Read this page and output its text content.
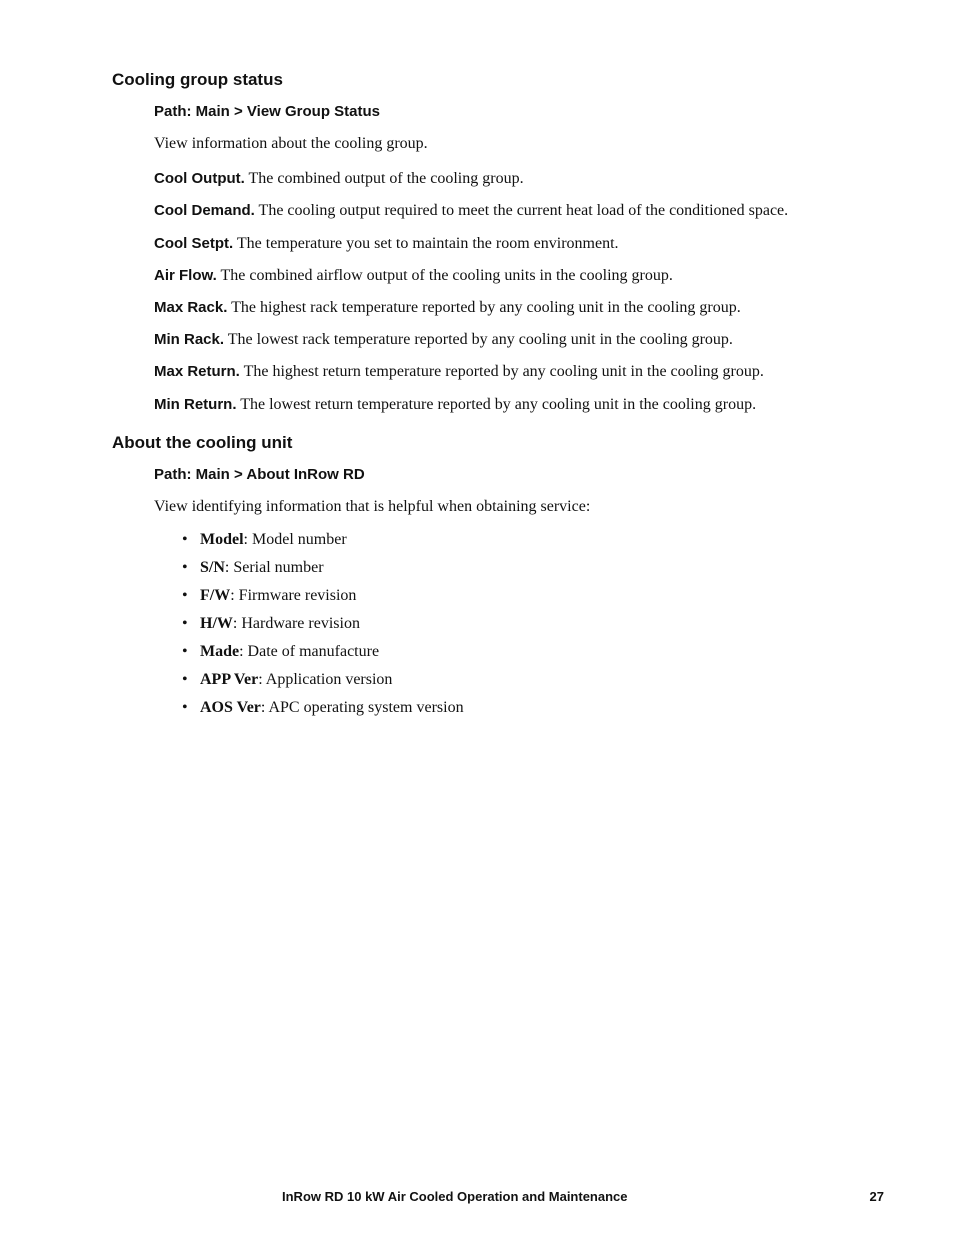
Cooling group status
Path: Main > View Group Status

View information about the cooling group.

Cool Output. The combined output of the cooling group.

Cool Demand. The cooling output required to meet the current heat load of the conditioned space.

Cool Setpt. The temperature you set to maintain the room environment.

Air Flow. The combined airflow output of the cooling units in the cooling group.

Max Rack. The highest rack temperature reported by any cooling unit in the cooling group.

Min Rack. The lowest rack temperature reported by any cooling unit in the cooling group.

Max Return. The highest return temperature reported by any cooling unit in the cooling group.

Min Return. The lowest return temperature reported by any cooling unit in the cooling group.

About the cooling unit
Path: Main > About InRow RD

View identifying information that is helpful when obtaining service:

• Model: Model number
• S/N: Serial number
• F/W: Firmware revision
• H/W: Hardware revision
• Made: Date of manufacture
• APP Ver: Application version
• AOS Ver: APC operating system version
InRow RD 10 kW Air Cooled Operation and Maintenance	27
